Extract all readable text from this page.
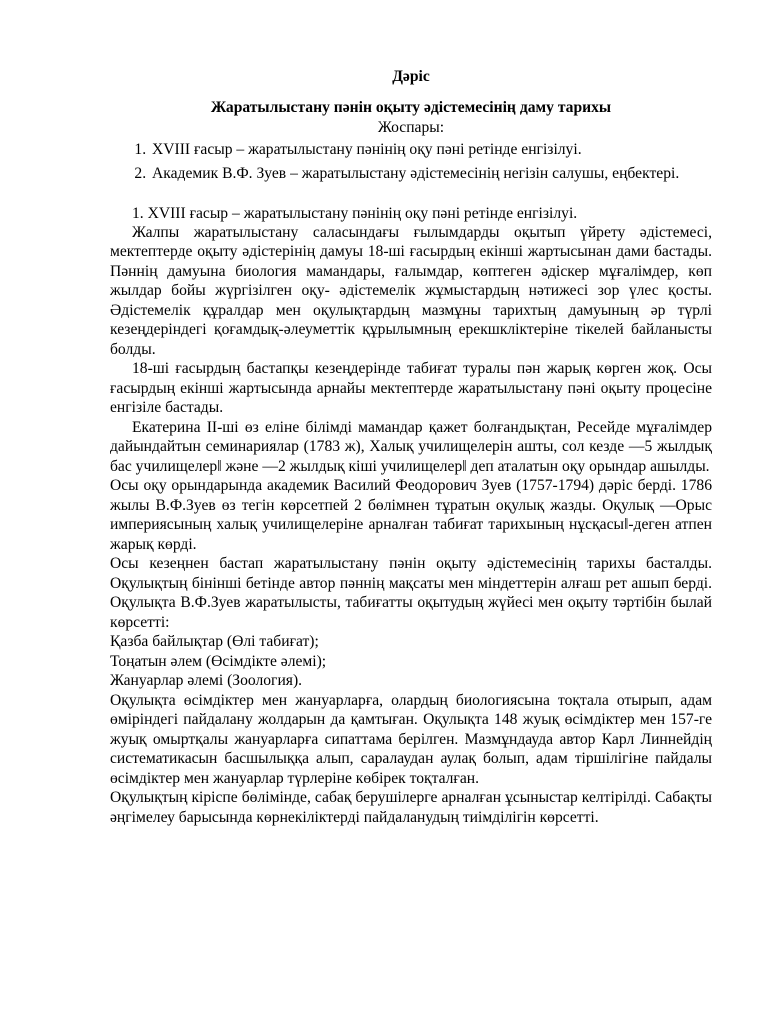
Дәріс
Жаратылыстану пәнін оқыту әдістемесінің даму тарихы
Жоспары:
1. XVIII ғасыр – жаратылыстану пәнінің оқу пәні ретінде енгізілуі.
2. Академик В.Ф. Зуев – жаратылыстану әдістемесінің негізін салушы, еңбектері.
1. XVIII ғасыр – жаратылыстану пәнінің оқу пәні ретінде енгізілуі.

Жалпы жаратылыстану саласындағы ғылымдарды оқытып үйрету әдістемесі, мектептерде оқыту әдістерінің дамуы 18-ші ғасырдың екінші жартысынан дами бастады. Пәннің дамуына биология мамандары, ғалымдар, көптеген әдіскер мұғалімдер, көп жылдар бойы жүргізілген оқу- әдістемелік жұмыстардың нәтижесі зор үлес қосты. Әдістемелік құралдар мен оқулықтардың мазмұны тарихтың дамуының әр түрлі кезеңдеріндегі қоғамдық-әлеуметтік құрылымның ерекшкліктеріне тікелей байланысты болды.

18-ші ғасырдың бастапқы кезеңдерінде табиғат туралы пән жарық көрген жоқ. Осы ғасырдың екінші жартысында арнайы мектептерде жаратылыстану пәні оқыту процесіне енгізіле бастады.

Екатерина ІІ-ші өз еліне білімді мамандар қажет болғандықтан, Ресейде мұғалімдер дайындайтын семинариялар (1783 ж), Халық училищелерін ашты, сол кезде ―5 жылдық бас училищелер‖ және ―2 жылдық кіші училищелер‖ деп аталатын оқу орындар ашылды.

Осы оқу орындарында академик Василий Феодорович Зуев (1757-1794) дәріс берді. 1786 жылы В.Ф.Зуев өз тегін көрсетпей 2 бөлімнен тұратын оқулық жазды. Оқулық ―Орыс империясының халық училищелеріне арналған табиғат тарихының нұсқасы‖-деген атпен жарық көрді.

Осы кезеңнен бастап жаратылыстану пәнін оқыту әдістемесінің тарихы басталды. Оқулықтың бінінші бетінде автор пәннің мақсаты мен міндеттерін алғаш рет ашып берді. Оқулықта В.Ф.Зуев жаратылысты, табиғатты оқытудың жүйесі мен оқыту тәртібін былай көрсетті:

Қазба байлықтар (Өлі табиғат);

Тоңатын әлем (Өсімдікте әлемі);

Жануарлар әлемі (Зоология).

Оқулықта өсімдіктер мен жануарларға, олардың биологиясына тоқтала отырып, адам өміріндегі пайдалану жолдарын да қамтыған. Оқулықта 148 жуық өсімдіктер мен 157-ге жуық омыртқалы жануарларға сипаттама берілген. Мазмұндауда автор Карл Линнейдің систематикасын басшылыққа алып, саралаудан аулақ болып, адам тіршілігіне пайдалы өсімдіктер мен жануарлар түрлеріне көбірек тоқталған.

Оқулықтың кіріспе бөлімінде, сабақ берушілерге арналған ұсыныстар келтірілді. Сабақты әңгімелеу барысында көрнекіліктерді пайдаланудың тиімділігін көрсетті.
